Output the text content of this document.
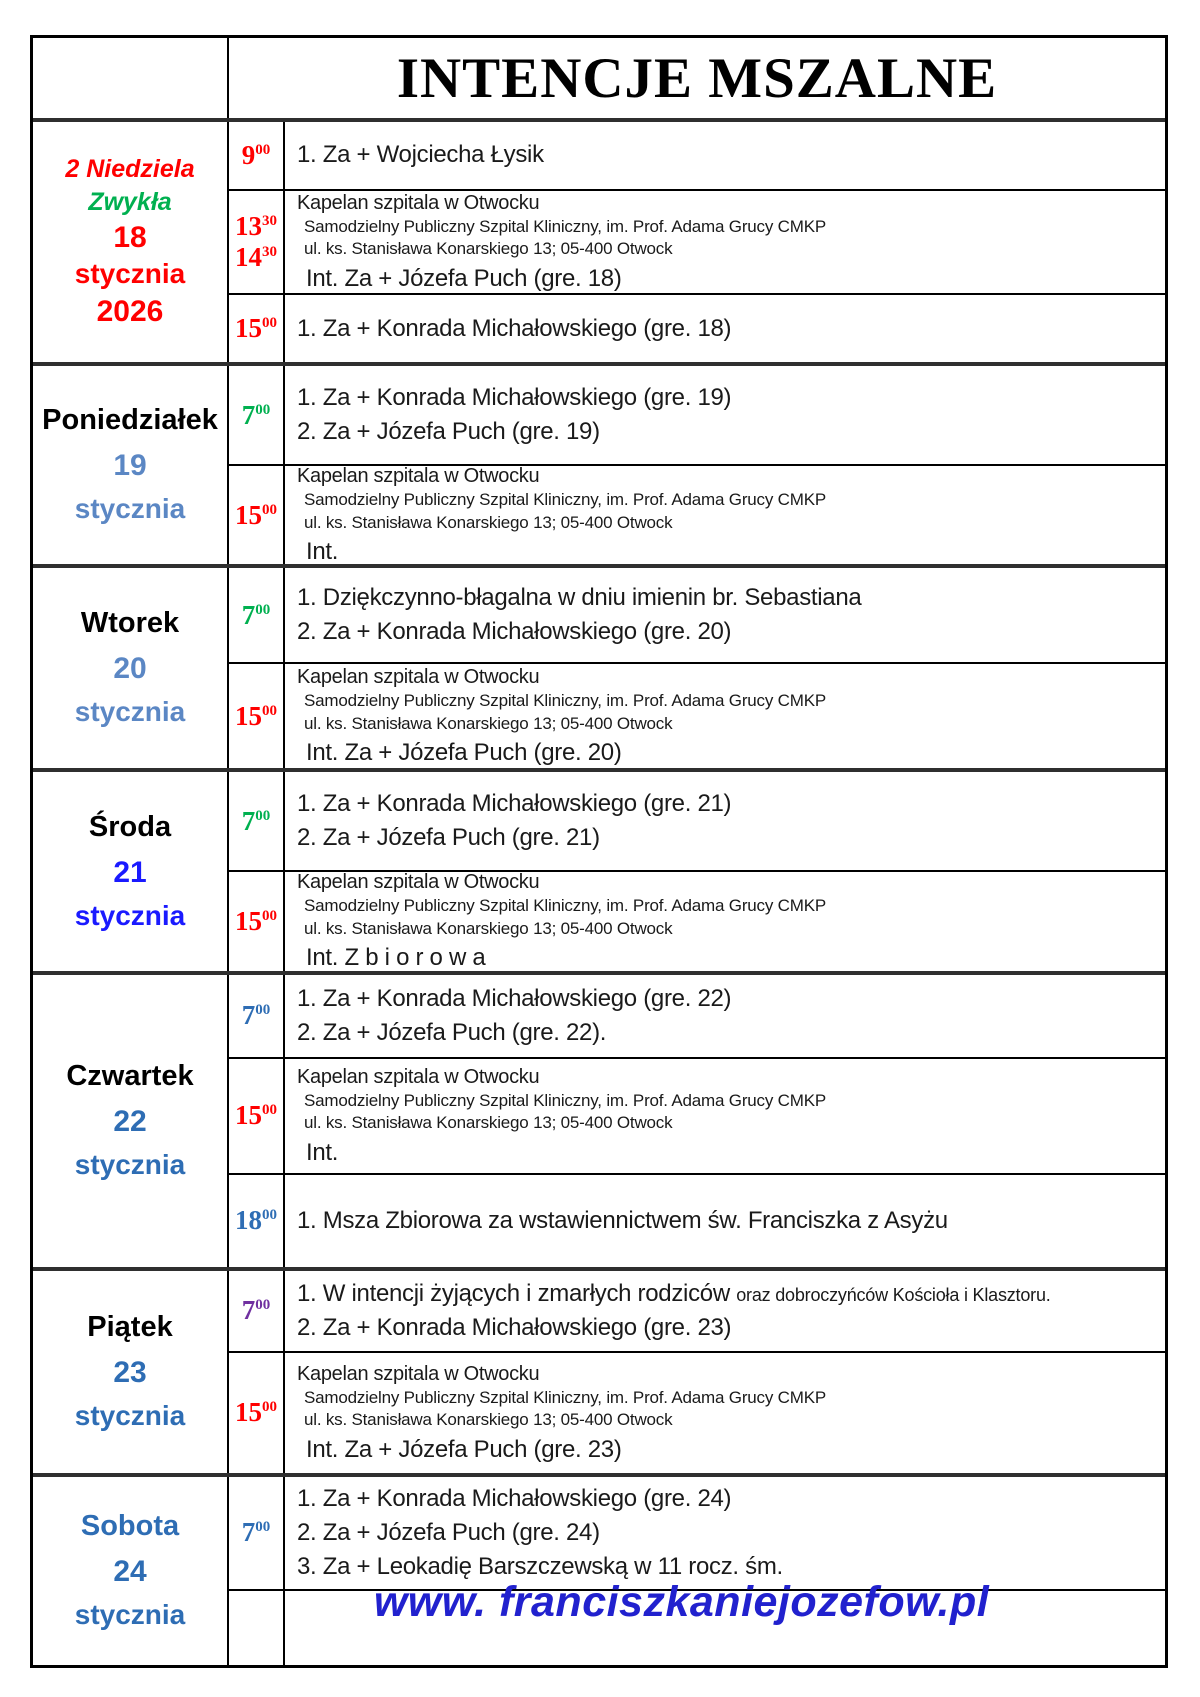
INTENCJE MSZALNE
2 Niedziela
Zwykła
18
stycznia
2026
$9^{00}$ 1. Za + Wojciecha Łysik
$13^{30}$
$14^{30}$
Kapelan szpitala w Otwocku
Samodzielny Publiczny Szpital Kliniczny, im. Prof. Adama Grucy CMKP
ul. ks. Stanisława Konarskiego 13; 05-400 Otwock
Int. Za + Józefa Puch (gre. 18)
$15^{00}$ 1. Za + Konrada Michałowskiego (gre. 18)
Poniedziałek
19
stycznia
$7^{00}$ 1. Za + Konrada Michałowskiego (gre. 19)
2. Za + Józefa Puch (gre. 19)
$15^{00}$
Kapelan szpitala w Otwocku
Samodzielny Publiczny Szpital Kliniczny, im. Prof. Adama Grucy CMKP
ul. ks. Stanisława Konarskiego 13; 05-400 Otwock
Int.
Wtorek
20
stycznia
$7^{00}$ 1. Dziękczynno-błagalna w dniu imienin br. Sebastiana
2. Za + Konrada Michałowskiego (gre. 20)
$15^{00}$
Kapelan szpitala w Otwocku
Samodzielny Publiczny Szpital Kliniczny, im. Prof. Adama Grucy CMKP
ul. ks. Stanisława Konarskiego 13; 05-400 Otwock
Int. Za + Józefa Puch (gre. 20)
Środa
21
stycznia
$7^{00}$ 1. Za + Konrada Michałowskiego (gre. 21)
2. Za + Józefa Puch (gre. 21)
$15^{00}$
Kapelan szpitala w Otwocku
Samodzielny Publiczny Szpital Kliniczny, im. Prof. Adama Grucy CMKP
ul. ks. Stanisława Konarskiego 13; 05-400 Otwock
Int. Z b i o r o w a
Czwartek
22
stycznia
$7^{00}$ 1. Za + Konrada Michałowskiego (gre. 22)
2. Za + Józefa Puch (gre. 22).
$15^{00}$
Kapelan szpitala w Otwocku
Samodzielny Publiczny Szpital Kliniczny, im. Prof. Adama Grucy CMKP
ul. ks. Stanisława Konarskiego 13; 05-400 Otwock
Int.
$18^{00}$ 1. Msza Zbiorowa za wstawiennictwem św. Franciszka z Asyżu
Piątek
23
stycznia
$7^{00}$ 1. W intencji żyjących i zmarłych rodziców oraz dobroczyńców Kościoła i Klasztoru.
2. Za + Konrada Michałowskiego (gre. 23)
$15^{00}$
Kapelan szpitala w Otwocku
Samodzielny Publiczny Szpital Kliniczny, im. Prof. Adama Grucy CMKP
ul. ks. Stanisława Konarskiego 13; 05-400 Otwock
Int. Za + Józefa Puch (gre. 23)
Sobota
24
stycznia
$7^{00}$
1. Za + Konrada Michałowskiego (gre. 24)
2. Za + Józefa Puch (gre. 24)
3. Za + Leokadię Barszczewską w 11 rocz. śm.
www. franciszkaniejozefow.pl
